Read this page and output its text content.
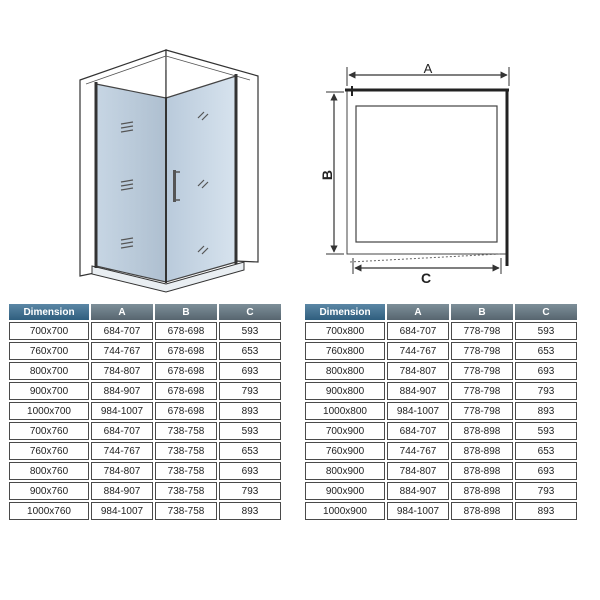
A
B
C
Dimension	A	B	C
700x700	684-707	678-698	593
760x700	744-767	678-698	653
800x700	784-807	678-698	693
900x700	884-907	678-698	793
1000x700	984-1007	678-698	893
700x760	684-707	738-758	593
760x760	744-767	738-758	653
800x760	784-807	738-758	693
900x760	884-907	738-758	793
1000x760	984-1007	738-758	893
Dimension	A	B	C
700x800	684-707	778-798	593
760x800	744-767	778-798	653
800x800	784-807	778-798	693
900x800	884-907	778-798	793
1000x800	984-1007	778-798	893
700x900	684-707	878-898	593
760x900	744-767	878-898	653
800x900	784-807	878-898	693
900x900	884-907	878-898	793
1000x900	984-1007	878-898	893
